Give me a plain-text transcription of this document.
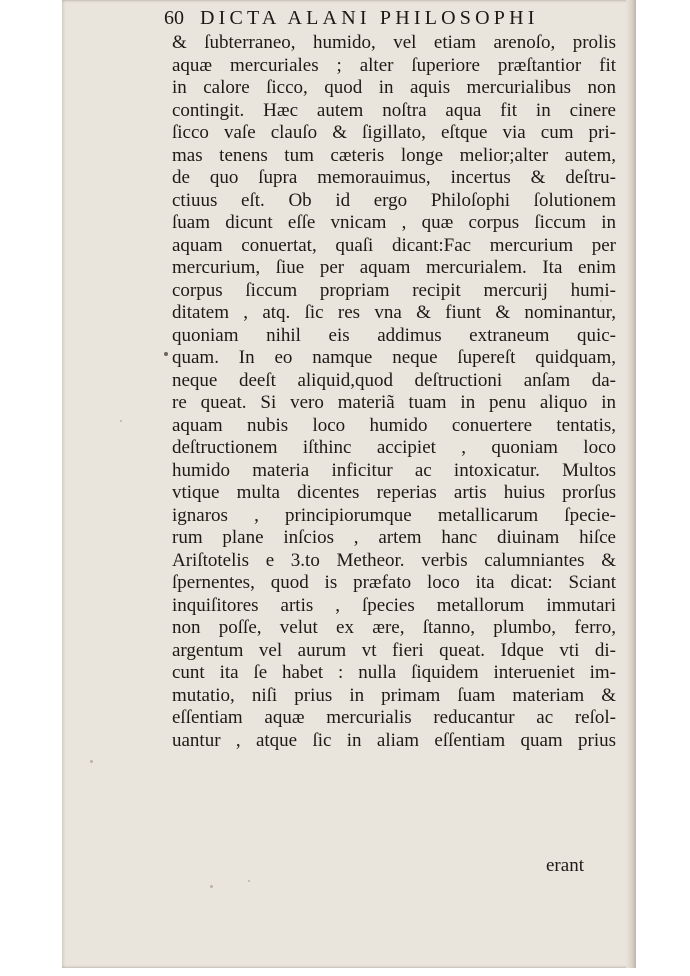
60 DICTA ALANI PHILOSOPHI
& ſubterraneo, humido, vel etiam arenoſo, prolis
aquæ mercuriales ; alter ſuperiore præſtantior fit
in calore ſicco, quod in aquis mercurialibus non
contingit. Hæc autem noſtra aqua fit in cinere
ſicco vaſe clauſo & ſigillato, eſtque via cum pri-
mas tenens tum cæteris longe melior;alter autem,
de quo ſupra memorauimus, incertus & deſtru-
ctiuus eſt. Ob id ergo Philoſophi ſolutionem
ſuam dicunt eſſe vnicam , quæ corpus ſiccum in
aquam conuertat, quaſi dicant:Fac mercurium per
mercurium, ſiue per aquam mercurialem. Ita enim
corpus ſiccum propriam recipit mercurij humi-
ditatem , atq. ſic res vna & fiunt & nominantur,
quoniam nihil eis addimus extraneum quic-
quam. In eo namque neque ſupereſt quidquam,
neque deeſt aliquid,quod deſtructioni anſam da-
re queat. Si vero materiã tuam in penu aliquo in
aquam nubis loco humido conuertere tentatis,
deſtructionem iſthinc accipiet , quoniam loco
humido materia inficitur ac intoxicatur. Multos
vtique multa dicentes reperias artis huius prorſus
ignaros , principiorumque metallicarum ſpecie-
rum plane inſcios , artem hanc diuinam hiſce
Ariſtotelis e 3.to Metheor. verbis calumniantes &
ſpernentes, quod is præfato loco ita dicat: Sciant
inquiſitores artis , ſpecies metallorum immutari
non poſſe, velut ex ære, ſtanno, plumbo, ferro,
argentum vel aurum vt fieri queat. Idque vti di-
cunt ita ſe habet : nulla ſiquidem interueniet im-
mutatio, niſi prius in primam ſuam materiam &
eſſentiam aquæ mercurialis reducantur ac reſol-
uantur , atque ſic in aliam eſſentiam quam prius
erant
